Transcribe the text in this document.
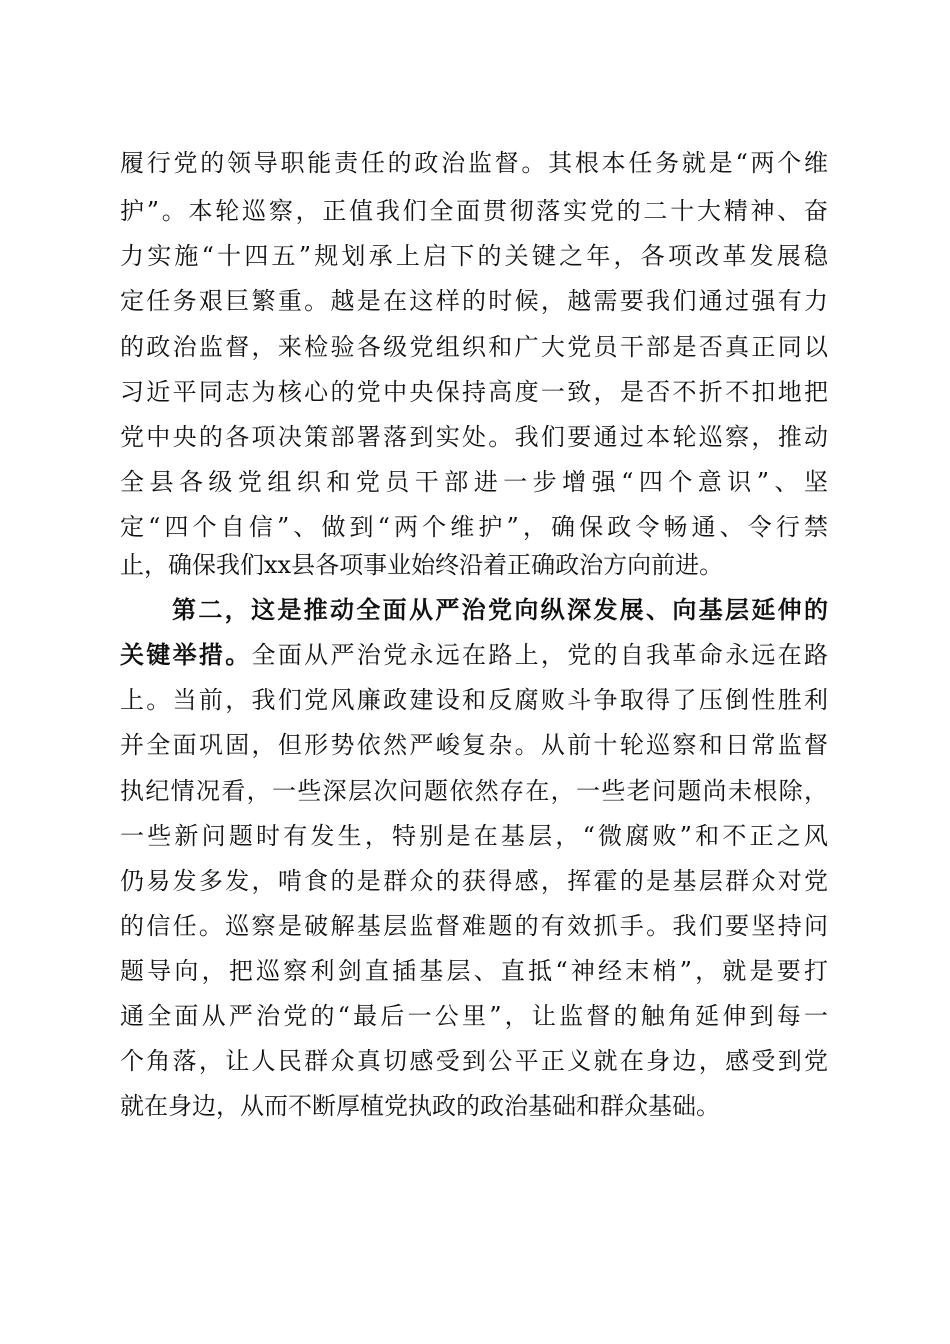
履行党的领导职能责任的政治监督。其根本任务就是“两个维
护”。本轮巡察，正值我们全面贯彻落实党的二十大精神、奋
力实施“十四五”规划承上启下的关键之年，各项改革发展稳
定任务艰巨繁重。越是在这样的时候，越需要我们通过强有力
的政治监督，来检验各级党组织和广大党员干部是否真正同以
习近平同志为核心的党中央保持高度一致，是否不折不扣地把
党中央的各项决策部署落到实处。我们要通过本轮巡察，推动
全县各级党组织和党员干部进一步增强“四个意识”、坚
定“四个自信”、做到“两个维护”，确保政令畅通、令行禁
止，确保我们xx县各项事业始终沿着正确政治方向前进。
第二，这是推动全面从严治党向纵深发展、向基层延伸的
关键举措。全面从严治党永远在路上，党的自我革命永远在路
上。当前，我们党风廉政建设和反腐败斗争取得了压倒性胜利
并全面巩固，但形势依然严峻复杂。从前十轮巡察和日常监督
执纪情况看，一些深层次问题依然存在，一些老问题尚未根除，
一些新问题时有发生，特别是在基层，“微腐败”和不正之风
仍易发多发，啃食的是群众的获得感，挥霍的是基层群众对党
的信任。巡察是破解基层监督难题的有效抓手。我们要坚持问
题导向，把巡察利剑直插基层、直抵“神经末梢”，就是要打
通全面从严治党的“最后一公里”，让监督的触角延伸到每一
个角落，让人民群众真切感受到公平正义就在身边，感受到党
就在身边，从而不断厚植党执政的政治基础和群众基础。
